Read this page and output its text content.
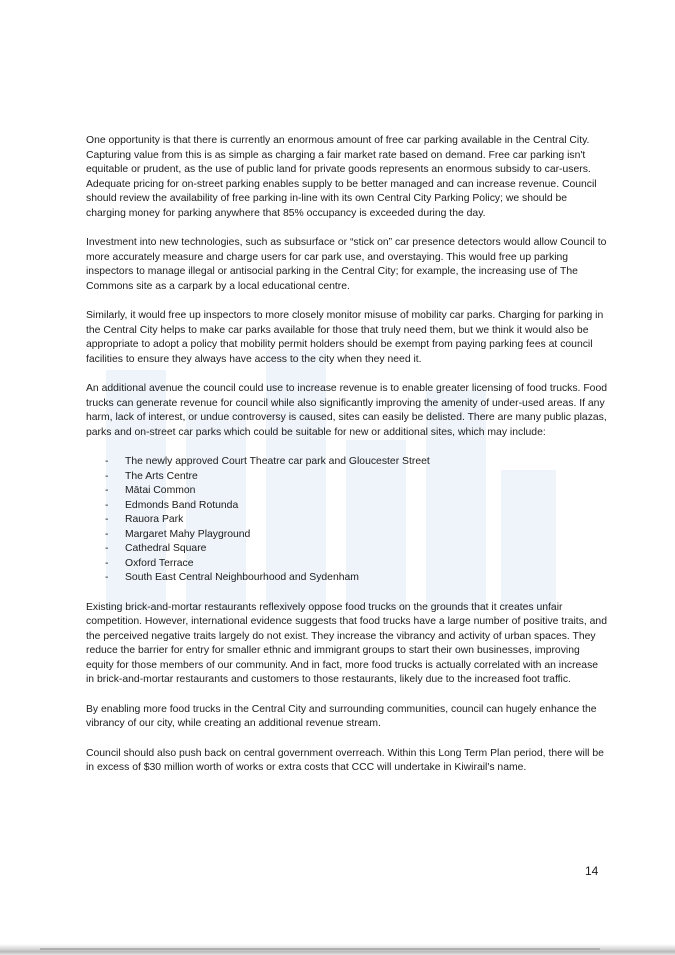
One opportunity is that there is currently an enormous amount of free car parking available in the Central City. Capturing value from this is as simple as charging a fair market rate based on demand. Free car parking isn't equitable or prudent, as the use of public land for private goods represents an enormous subsidy to car-users. Adequate pricing for on-street parking enables supply to be better managed and can increase revenue. Council should review the availability of free parking in-line with its own Central City Parking Policy; we should be charging money for parking anywhere that 85% occupancy is exceeded during the day.

Investment into new technologies, such as subsurface or “stick on” car presence detectors would allow Council to more accurately measure and charge users for car park use, and overstaying. This would free up parking inspectors to manage illegal or antisocial parking in the Central City; for example, the increasing use of The Commons site as a carpark by a local educational centre.

Similarly, it would free up inspectors to more closely monitor misuse of mobility car parks. Charging for parking in the Central City helps to make car parks available for those that truly need them, but we think it would also be appropriate to adopt a policy that mobility permit holders should be exempt from paying parking fees at council facilities to ensure they always have access to the city when they need it.

An additional avenue the council could use to increase revenue is to enable greater licensing of food trucks. Food trucks can generate revenue for council while also significantly improving the amenity of under-used areas. If any harm, lack of interest, or undue controversy is caused, sites can easily be delisted. There are many public plazas, parks and on-street car parks which could be suitable for new or additional sites, which may include:

- The newly approved Court Theatre car park and Gloucester Street
- The Arts Centre
- Mātai Common
- Edmonds Band Rotunda
- Rauora Park
- Margaret Mahy Playground
- Cathedral Square
- Oxford Terrace
- South East Central Neighbourhood and Sydenham

Existing brick-and-mortar restaurants reflexively oppose food trucks on the grounds that it creates unfair competition. However, international evidence suggests that food trucks have a large number of positive traits, and the perceived negative traits largely do not exist. They increase the vibrancy and activity of urban spaces. They reduce the barrier for entry for smaller ethnic and immigrant groups to start their own businesses, improving equity for those members of our community. And in fact, more food trucks is actually correlated with an increase in brick-and-mortar restaurants and customers to those restaurants, likely due to the increased foot traffic.

By enabling more food trucks in the Central City and surrounding communities, council can hugely enhance the vibrancy of our city, while creating an additional revenue stream.

Council should also push back on central government overreach. Within this Long Term Plan period, there will be in excess of $30 million worth of works or extra costs that CCC will undertake in Kiwirail's name.

14
